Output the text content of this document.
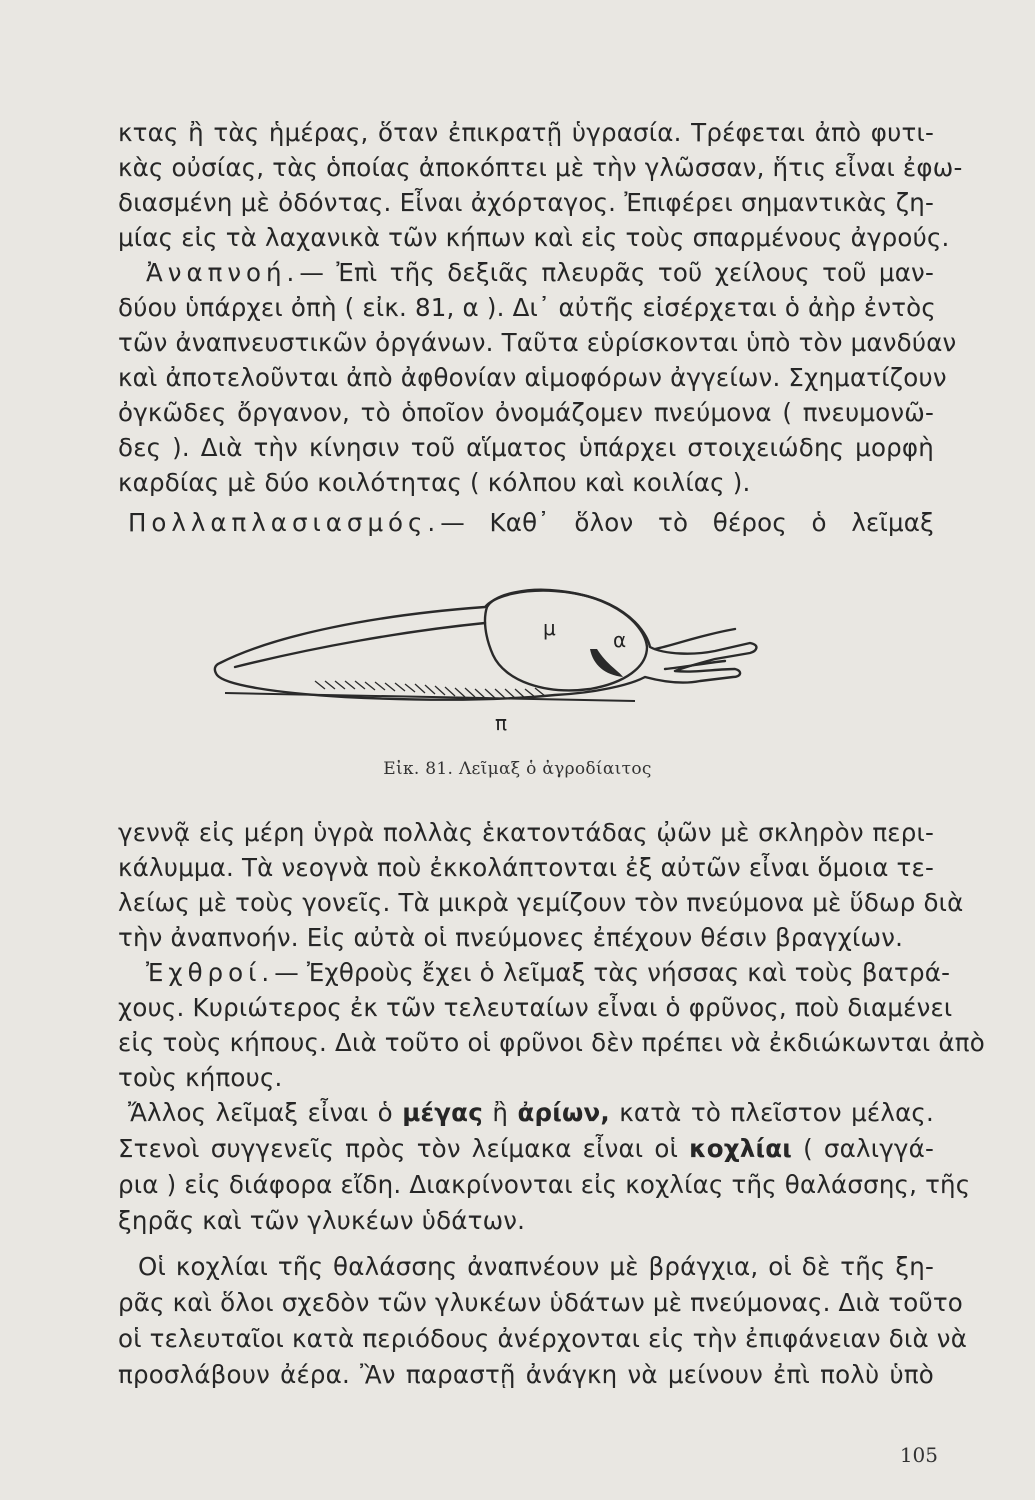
κτας ἢ τὰς ἡμέρας, ὅταν ἐπικρατῇ ὑγρασία. Τρέφεται ἀπὸ φυτι-
κὰς οὐσίας, τὰς ὁποίας ἀποκόπτει μὲ τὴν γλῶσσαν, ἥτις εἶναι ἐφω-
διασμένη μὲ ὀδόντας. Εἶναι ἀχόρταγος. Ἐπιφέρει σημαντικὰς ζη-
μίας εἰς τὰ λαχανικὰ τῶν κήπων καὶ εἰς τοὺς σπαρμένους ἀγρούς.
Ἀναπνοή.— Ἐπὶ τῆς δεξιᾶς πλευρᾶς τοῦ χείλους τοῦ μαν-
δύου ὑπάρχει ὀπὴ ( εἰκ. 81, α ). Δι᾽ αὐτῆς εἰσέρχεται ὁ ἀὴρ ἐντὸς
τῶν ἀναπνευστικῶν ὀργάνων. Ταῦτα εὑρίσκονται ὑπὸ τὸν μανδύαν
καὶ ἀποτελοῦνται ἀπὸ ἀφθονίαν αἱμοφόρων ἀγγείων. Σχηματίζουν
ὀγκῶδες ὄργανον, τὸ ὁποῖον ὀνομάζομεν πνεύμονα ( πνευμονῶ-
δες ). Διὰ τὴν κίνησιν τοῦ αἵματος ὑπάρχει στοιχειώδης μορφὴ
καρδίας μὲ δύο κοιλότητας ( κόλπου καὶ κοιλίας ).
Πολλαπλασιασμός.— Καθ᾽ ὅλον τὸ θέρος ὁ λεῖμαξ
μ	α
π
Εἰκ. 81. Λεῖμαξ ὁ ἀγροδίαιτος
γεννᾷ εἰς μέρη ὑγρὰ πολλὰς ἑκατοντάδας ᾠῶν μὲ σκληρὸν περι-
κάλυμμα. Τὰ νεογνὰ ποὺ ἐκκολάπτονται ἐξ αὐτῶν εἶναι ὅμοια τε-
λείως μὲ τοὺς γονεῖς. Τὰ μικρὰ γεμίζουν τὸν πνεύμονα μὲ ὕδωρ διὰ
τὴν ἀναπνοήν. Εἰς αὐτὰ οἱ πνεύμονες ἐπέχουν θέσιν βραγχίων.
Ἐχθροί.— Ἐχθροὺς ἔχει ὁ λεῖμαξ τὰς νήσσας καὶ τοὺς βατρά-
χους. Κυριώτερος ἐκ τῶν τελευταίων εἶναι ὁ φρῦνος, ποὺ διαμένει
εἰς τοὺς κήπους. Διὰ τοῦτο οἱ φρῦνοι δὲν πρέπει νὰ ἐκδιώκωνται ἀπὸ
τοὺς κήπους.
Ἄλλος λεῖμαξ εἶναι ὁ μέγας ἢ ἀρίων, κατὰ τὸ πλεῖστον μέλας.
Στενοὶ συγγενεῖς πρὸς τὸν λείμακα εἶναι οἱ κοχλίαι ( σαλιγγά-
ρια ) εἰς διάφορα εἴδη. Διακρίνονται εἰς κοχλίας τῆς θαλάσσης, τῆς
ξηρᾶς καὶ τῶν γλυκέων ὑδάτων.
Οἱ κοχλίαι τῆς θαλάσσης ἀναπνέουν μὲ βράγχια, οἱ δὲ τῆς ξη-
ρᾶς καὶ ὅλοι σχεδὸν τῶν γλυκέων ὑδάτων μὲ πνεύμονας. Διὰ τοῦτο
οἱ τελευταῖοι κατὰ περιόδους ἀνέρχονται εἰς τὴν ἐπιφάνειαν διὰ νὰ
προσλάβουν ἀέρα. Ἂν παραστῇ ἀνάγκη νὰ μείνουν ἐπὶ πολὺ ὑπὸ
105
